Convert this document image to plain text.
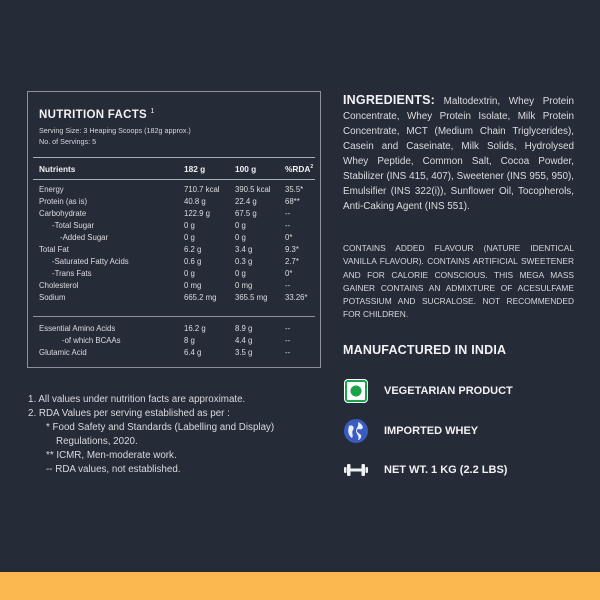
NUTRITION FACTS $^1$
Serving Size: 3 Heaping Scoops (182g approx.)
No. of Servings: 5
Nutrients	182 g	100 g	%RDA$^2$
Energy	710.7 kcal 390.5 kcal 35.5*
Protein (as is)	40.8 g	22.4 g	68**
Carbohydrate	122.9 g	67.5 g	--
-Total Sugar	0 g	0 g	--
-Added Sugar	0 g	0 g	0*
Total Fat	6.2 g	3.4 g	9.3*
-Saturated Fatty Acids	0.6 g	0.3 g	2.7*
-Trans Fats	0 g	0 g	0*
Cholesterol	0 mg	0 mg	--
Sodium	665.2 mg 365.5 mg 33.26*
Essential Amino Acids	16.2 g	8.9 g	--
-of which BCAAs	8 g	4.4 g	--
Glutamic Acid	6.4 g	3.5 g	--
1. All values under nutrition facts are approximate.
2. RDA Values per serving established as per :
* Food Safety and Standards (Labelling and Display)
Regulations, 2020.
** ICMR, Men-moderate work.
-- RDA values, not established.
INGREDIENTS: Maltodextrin, Whey Protein Concentrate, Whey Protein Isolate, Milk Protein Concentrate, MCT (Medium Chain Triglycerides), Casein and Caseinate, Milk Solids, Hydrolysed Whey Peptide, Common Salt, Cocoa Powder, Stabilizer (INS 415, 407), Sweetener (INS 955, 950), Emulsifier (INS 322(i)), Sunflower Oil, Tocopherols, Anti-Caking Agent (INS 551).
CONTAINS ADDED FLAVOUR (NATURE IDENTICAL VANILLA FLAVOUR). CONTAINS ARTIFICIAL SWEETENER AND FOR CALORIE CONSCIOUS. THIS MEGA MASS GAINER CONTAINS AN ADMIXTURE OF ACESULFAME POTASSIUM AND SUCRALOSE. NOT RECOMMENDED FOR CHILDREN.
MANUFACTURED IN INDIA
VEGETARIAN PRODUCT
IMPORTED WHEY
NET WT. 1 KG (2.2 LBS)
